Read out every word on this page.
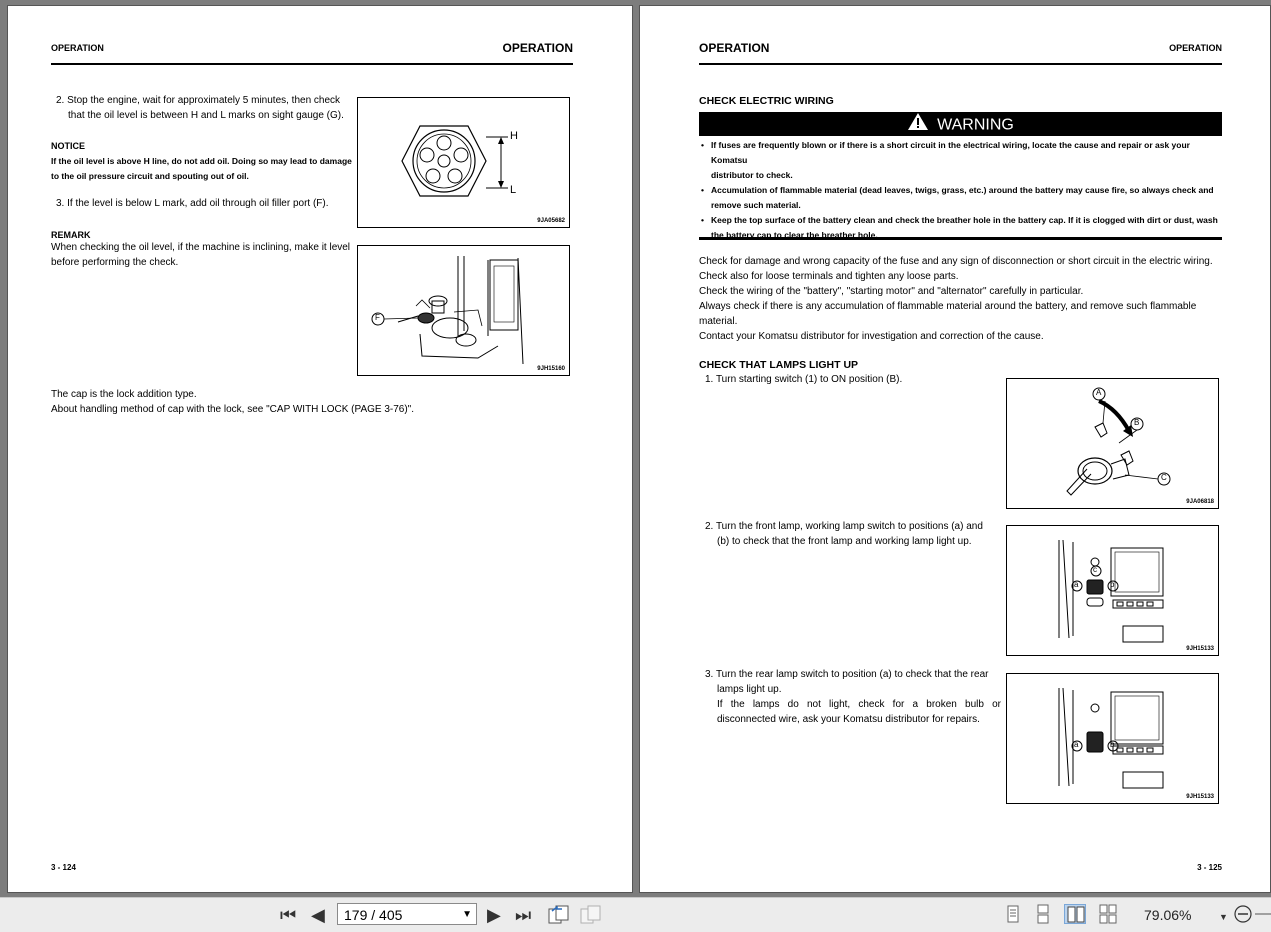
OPERATION	OPERATION
2. Stop the engine, wait for approximately 5 minutes, then check
that the oil level is between H and L marks on sight gauge (G).
NOTICE
If the oil level is above H line, do not add oil. Doing so may lead to damage
to the oil pressure circuit and spouting out of oil.
3. If the level is below L mark, add oil through oil filler port (F).
REMARK
When checking the oil level, if the machine is inclining, make it level
before performing the check.
H
L
9JA05682
F
9JH15160
The cap is the lock addition type.
About handling method of cap with the lock, see "CAP WITH LOCK (PAGE 3-76)".
3 - 124
OPERATION	OPERATION
CHECK ELECTRIC WIRING
WARNING
• If fuses are frequently blown or if there is a short circuit in the electrical wiring, locate the cause and repair or ask your Komatsu
distributor to check.
• Accumulation of flammable material (dead leaves, twigs, grass, etc.) around the battery may cause fire, so always check and
remove such material.
• Keep the top surface of the battery clean and check the breather hole in the battery cap. If it is clogged with dirt or dust, wash
the battery cap to clear the breather hole.
Check for damage and wrong capacity of the fuse and any sign of disconnection or short circuit in the electric wiring.
Check also for loose terminals and tighten any loose parts.
Check the wiring of the "battery", "starting motor" and "alternator" carefully in particular.
Always check if there is any accumulation of flammable material around the battery, and remove such flammable
material.
Contact your Komatsu distributor for investigation and correction of the cause.
CHECK THAT LAMPS LIGHT UP
1. Turn starting switch (1) to ON position (B).
2. Turn the front lamp, working lamp switch to positions (a) and
(b) to check that the front lamp and working lamp light up.
3. Turn the rear lamp switch to position (a) to check that the rear
lamps light up.
If the lamps do not light, check for a broken bulb or
disconnected wire, ask your Komatsu distributor for repairs.
A
B
C
9JA06818
a	b
c
9JH15133
a	b
9JH15133
3 - 125
⏮ ◀	179 / 405	▼ ▶ ⏭	79.06%	▼
